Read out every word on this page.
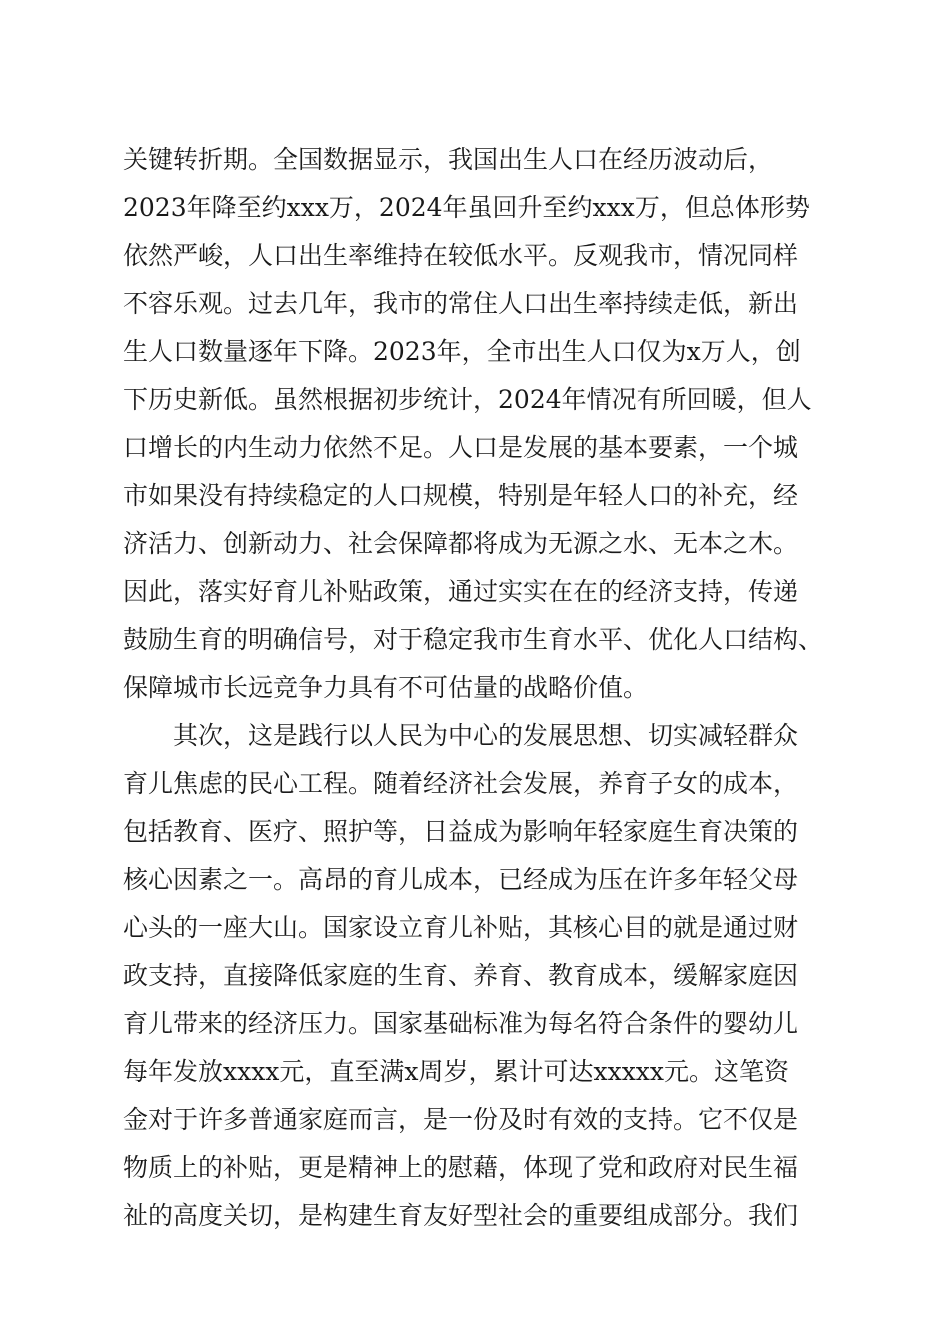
关键转折期。全国数据显示，我国出生人口在经历波动后，
2023年降至约xxx万，2024年虽回升至约xxx万，但总体形势
依然严峻，人口出生率维持在较低水平。反观我市，情况同样
不容乐观。过去几年，我市的常住人口出生率持续走低，新出
生人口数量逐年下降。2023年，全市出生人口仅为x万人，创
下历史新低。虽然根据初步统计，2024年情况有所回暖，但人
口增长的内生动力依然不足。人口是发展的基本要素，一个城
市如果没有持续稳定的人口规模，特别是年轻人口的补充，经
济活力、创新动力、社会保障都将成为无源之水、无本之木。
因此，落实好育儿补贴政策，通过实实在在的经济支持，传递
鼓励生育的明确信号，对于稳定我市生育水平、优化人口结构、
保障城市长远竞争力具有不可估量的战略价值。
其次，这是践行以人民为中心的发展思想、切实减轻群众
育儿焦虑的民心工程。随着经济社会发展，养育子女的成本，
包括教育、医疗、照护等，日益成为影响年轻家庭生育决策的
核心因素之一。高昂的育儿成本，已经成为压在许多年轻父母
心头的一座大山。国家设立育儿补贴，其核心目的就是通过财
政支持，直接降低家庭的生育、养育、教育成本，缓解家庭因
育儿带来的经济压力。国家基础标准为每名符合条件的婴幼儿
每年发放xxxx元，直至满x周岁，累计可达xxxxx元。这笔资
金对于许多普通家庭而言，是一份及时有效的支持。它不仅是
物质上的补贴，更是精神上的慰藉，体现了党和政府对民生福
祉的高度关切，是构建生育友好型社会的重要组成部分。我们
